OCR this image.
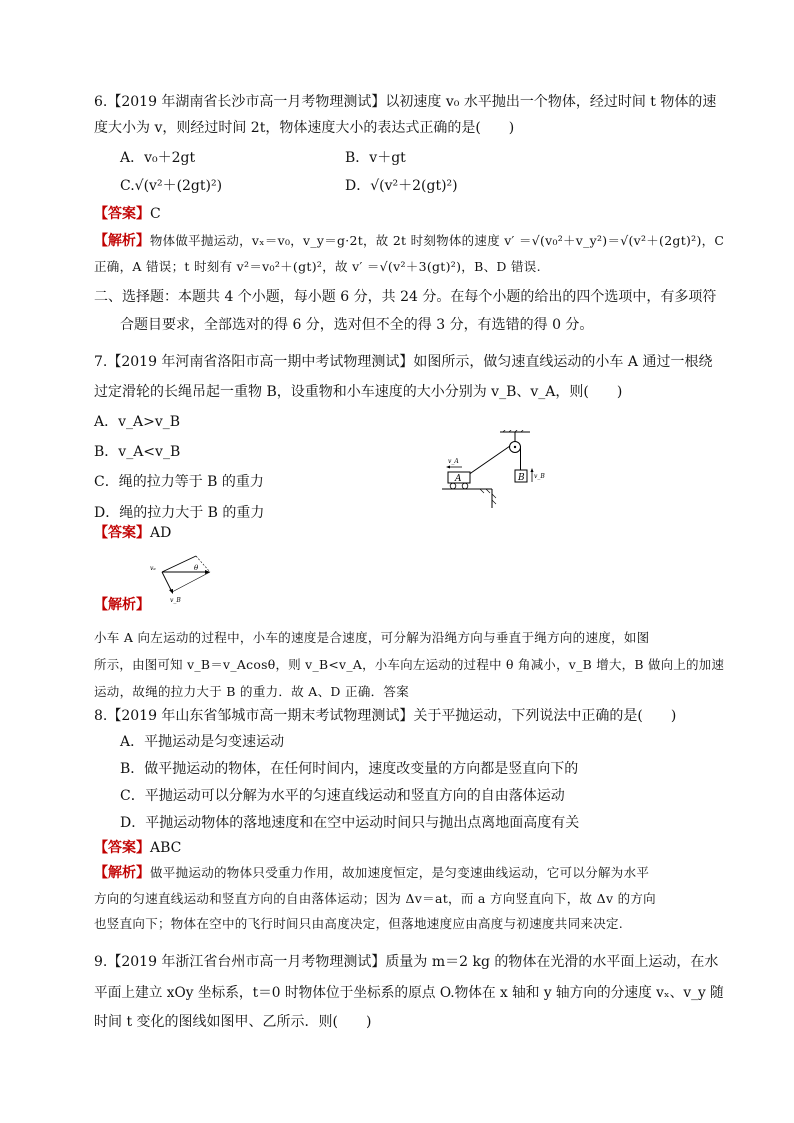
6.【2019 年湖南省长沙市高一月考物理测试】以初速度 v₀ 水平抛出一个物体，经过时间 t 物体的速
度大小为 v，则经过时间 2t，物体速度大小的表达式正确的是(　　)
A．v₀＋2gt	B．v＋gt
C.√(v²＋(2gt)²)	D．√(v²＋2(gt)²)
【答案】C
【解析】物体做平抛运动，vₓ＝v₀，v_y＝g·2t，故 2t 时刻物体的速度 v′ ＝√(v₀²＋v_y²)＝√(v²＋(2gt)²)，C
正确，A 错误；t 时刻有 v²＝v₀²＋(gt)²，故 v′ ＝√(v²＋3(gt)²)，B、D 错误.
二、选择题：本题共 4 个小题，每小题 6 分，共 24 分。在每个小题的给出的四个选项中，有多项符
合题目要求，全部选对的得 6 分，选对但不全的得 3 分，有选错的得 0 分。
7.【2019 年河南省洛阳市高一期中考试物理测试】如图所示，做匀速直线运动的小车 A 通过一根绕
过定滑轮的长绳吊起一重物 B，设重物和小车速度的大小分别为 v_B、v_A，则(　　)
A．v_A>v_B
B．v_A<v_B
C．绳的拉力等于 B 的重力
D．绳的拉力大于 B 的重力
B v_B
A
v_A
【答案】AD
vₐ	θ
v_B
【解析】
小车 A 向左运动的过程中，小车的速度是合速度，可分解为沿绳方向与垂直于绳方向的速度，如图
所示，由图可知 v_B＝v_Acosθ，则 v_B<v_A，小车向左运动的过程中 θ 角减小，v_B 增大，B 做向上的加速
运动，故绳的拉力大于 B 的重力．故 A、D 正确．答案
8.【2019 年山东省邹城市高一期末考试物理测试】关于平抛运动，下列说法中正确的是(　　)
A．平抛运动是匀变速运动
B．做平抛运动的物体，在任何时间内，速度改变量的方向都是竖直向下的
C．平抛运动可以分解为水平的匀速直线运动和竖直方向的自由落体运动
D．平抛运动物体的落地速度和在空中运动时间只与抛出点离地面高度有关
【答案】ABC
【解析】做平抛运动的物体只受重力作用，故加速度恒定，是匀变速曲线运动，它可以分解为水平
方向的匀速直线运动和竖直方向的自由落体运动；因为 Δv＝at，而 a 方向竖直向下，故 Δv 的方向
也竖直向下；物体在空中的飞行时间只由高度决定，但落地速度应由高度与初速度共同来决定.
9.【2019 年浙江省台州市高一月考物理测试】质量为 m＝2 kg 的物体在光滑的水平面上运动，在水
平面上建立 xOy 坐标系，t＝0 时物体位于坐标系的原点 O.物体在 x 轴和 y 轴方向的分速度 vₓ、v_y 随
时间 t 变化的图线如图甲、乙所示．则(　　)
